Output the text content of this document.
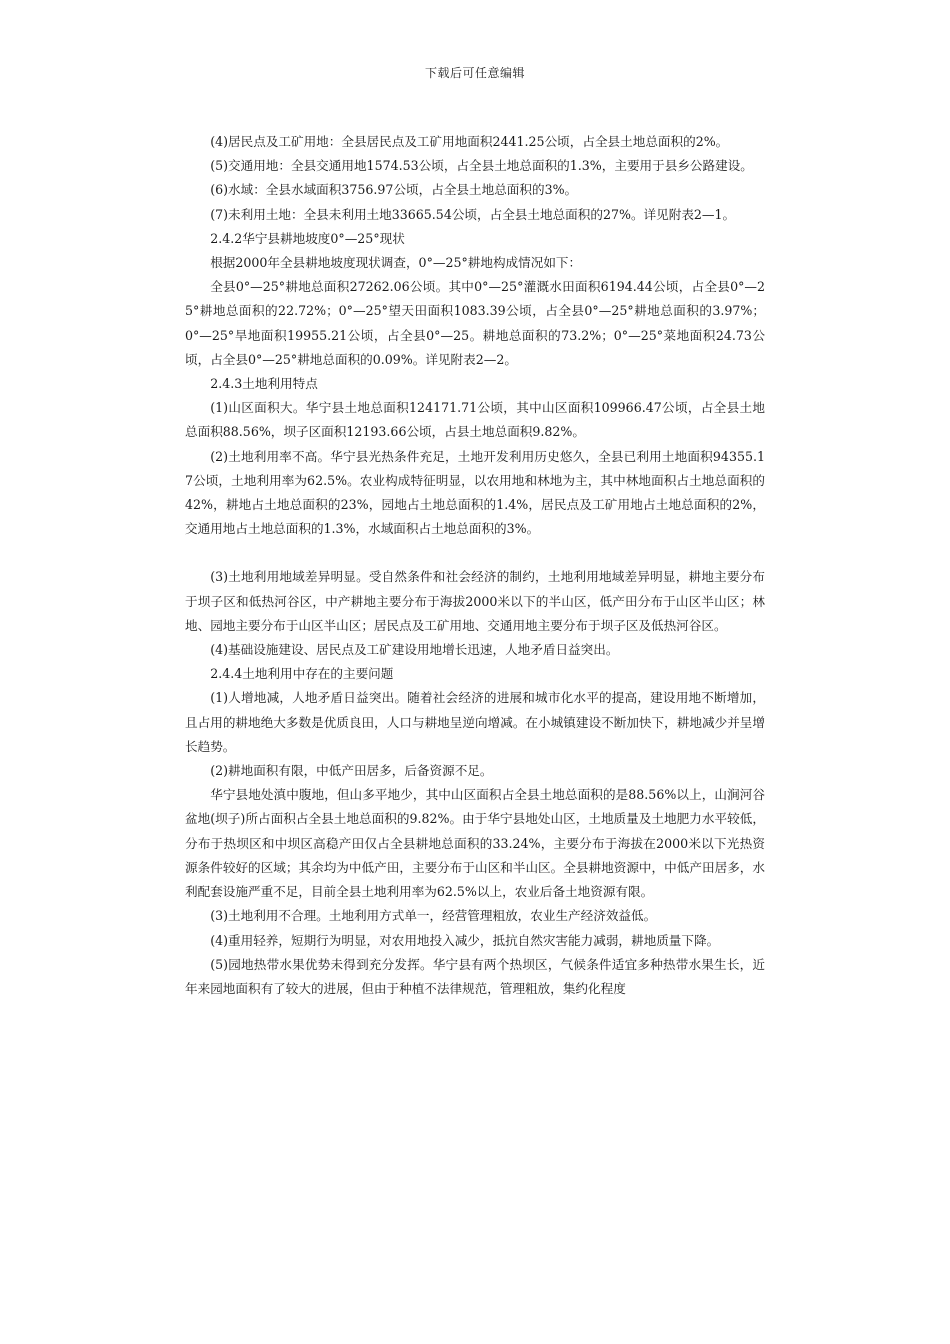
下载后可任意编辑

(4)居民点及工矿用地：全县居民点及工矿用地面积2441.25公顷，占全县土地总面积的2%。

(5)交通用地：全县交通用地1574.53公顷，占全县土地总面积的1.3%，主要用于县乡公路建设。

(6)水域：全县水域面积3756.97公顷，占全县土地总面积的3%。

(7)未利用土地：全县未利用土地33665.54公顷，占全县土地总面积的27%。详见附表2—1。

2.4.2华宁县耕地坡度0°—25°现状

根据2000年全县耕地坡度现状调查，0°—25°耕地构成情况如下：

全县0°—25°耕地总面积27262.06公顷。其中0°—25°灌溉水田面积6194.44公顷，占全县0°—25°耕地总面积的22.72%；0°—25°望天田面积1083.39公顷，占全县0°—25°耕地总面积的3.97%；0°—25°旱地面积19955.21公顷，占全县0°—25。耕地总面积的73.2%；0°—25°菜地面积24.73公顷，占全县0°—25°耕地总面积的0.09%。详见附表2—2。

2.4.3土地利用特点

(1)山区面积大。华宁县土地总面积124171.71公顷，其中山区面积109966.47公顷，占全县土地总面积88.56%，坝子区面积12193.66公顷，占县土地总面积9.82%。

(2)土地利用率不高。华宁县光热条件充足，土地开发利用历史悠久，全县已利用土地面积94355.17公顷，土地利用率为62.5%。农业构成特征明显，以农用地和林地为主，其中林地面积占土地总面积的42%，耕地占土地总面积的23%，园地占土地总面积的1.4%，居民点及工矿用地占土地总面积的2%，交通用地占土地总面积的1.3%，水域面积占土地总面积的3%。

(3)土地利用地域差异明显。受自然条件和社会经济的制约，土地利用地域差异明显，耕地主要分布于坝子区和低热河谷区，中产耕地主要分布于海拔2000米以下的半山区，低产田分布于山区半山区；林地、园地主要分布于山区半山区；居民点及工矿用地、交通用地主要分布于坝子区及低热河谷区。

(4)基础设施建设、居民点及工矿建设用地增长迅速，人地矛盾日益突出。

2.4.4土地利用中存在的主要问题

(1)人增地减，人地矛盾日益突出。随着社会经济的进展和城市化水平的提高，建设用地不断增加，且占用的耕地绝大多数是优质良田，人口与耕地呈逆向增减。在小城镇建设不断加快下，耕地减少并呈增长趋势。

(2)耕地面积有限，中低产田居多，后备资源不足。

华宁县地处滇中腹地，但山多平地少，其中山区面积占全县土地总面积的是88.56%以上，山涧河谷盆地(坝子)所占面积占全县土地总面积的9.82%。由于华宁县地处山区，土地质量及土地肥力水平较低，分布于热坝区和中坝区高稳产田仅占全县耕地总面积的33.24%，主要分布于海拔在2000米以下光热资源条件较好的区域；其余均为中低产田，主要分布于山区和半山区。全县耕地资源中，中低产田居多，水利配套设施严重不足，目前全县土地利用率为62.5%以上，农业后备土地资源有限。

(3)土地利用不合理。土地利用方式单一，经营管理粗放，农业生产经济效益低。

(4)重用轻养，短期行为明显，对农用地投入减少，抵抗自然灾害能力减弱，耕地质量下降。

(5)园地热带水果优势未得到充分发挥。华宁县有两个热坝区，气候条件适宜多种热带水果生长，近年来园地面积有了较大的进展，但由于种植不法律规范，管理粗放，集约化程度
